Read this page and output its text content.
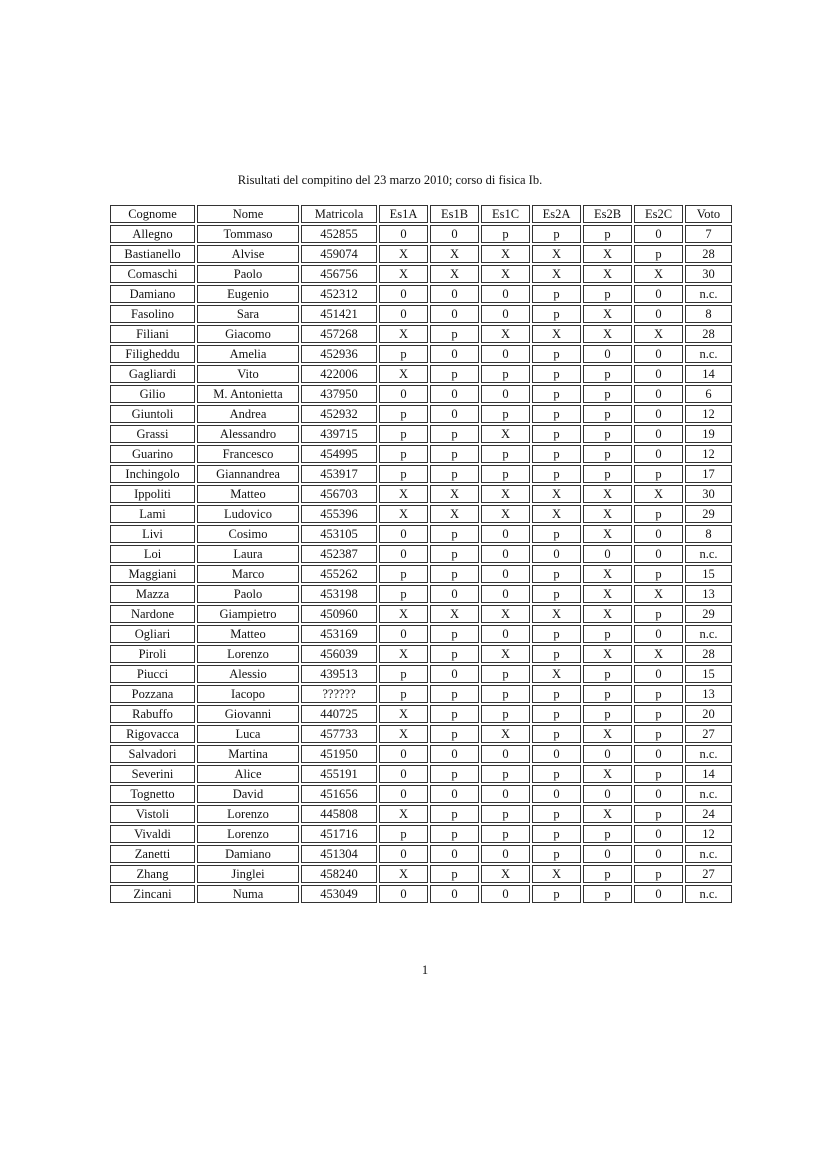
Risultati del compitino del 23 marzo 2010; corso di fisica Ib.
Cognome	Nome	Matricola	Es1A	Es1B	Es1C	Es2A	Es2B	Es2C	Voto
Allegno	Tommaso	452855	0	0	p	p	p	0	7
Bastianello	Alvise	459074	X	X	X	X	X	p	28
Comaschi	Paolo	456756	X	X	X	X	X	X	30
Damiano	Eugenio	452312	0	0	0	p	p	0	n.c.
Fasolino	Sara	451421	0	0	0	p	X	0	8
Filiani	Giacomo	457268	X	p	X	X	X	X	28
Filigheddu	Amelia	452936	p	0	0	p	0	0	n.c.
Gagliardi	Vito	422006	X	p	p	p	p	0	14
Gilio	M. Antonietta	437950	0	0	0	p	p	0	6
Giuntoli	Andrea	452932	p	0	p	p	p	0	12
Grassi	Alessandro	439715	p	p	X	p	p	0	19
Guarino	Francesco	454995	p	p	p	p	p	0	12
Inchingolo	Giannandrea	453917	p	p	p	p	p	p	17
Ippoliti	Matteo	456703	X	X	X	X	X	X	30
Lami	Ludovico	455396	X	X	X	X	X	p	29
Livi	Cosimo	453105	0	p	0	p	X	0	8
Loi	Laura	452387	0	p	0	0	0	0	n.c.
Maggiani	Marco	455262	p	p	0	p	X	p	15
Mazza	Paolo	453198	p	0	0	p	X	X	13
Nardone	Giampietro	450960	X	X	X	X	X	p	29
Ogliari	Matteo	453169	0	p	0	p	p	0	n.c.
Piroli	Lorenzo	456039	X	p	X	p	X	X	28
Piucci	Alessio	439513	p	0	p	X	p	0	15
Pozzana	Iacopo	??????	p	p	p	p	p	p	13
Rabuffo	Giovanni	440725	X	p	p	p	p	p	20
Rigovacca	Luca	457733	X	p	X	p	X	p	27
Salvadori	Martina	451950	0	0	0	0	0	0	n.c.
Severini	Alice	455191	0	p	p	p	X	p	14
Tognetto	David	451656	0	0	0	0	0	0	n.c.
Vistoli	Lorenzo	445808	X	p	p	p	X	p	24
Vivaldi	Lorenzo	451716	p	p	p	p	p	0	12
Zanetti	Damiano	451304	0	0	0	p	0	0	n.c.
Zhang	Jinglei	458240	X	p	X	X	p	p	27
Zincani	Numa	453049	0	0	0	p	p	0	n.c.
1
